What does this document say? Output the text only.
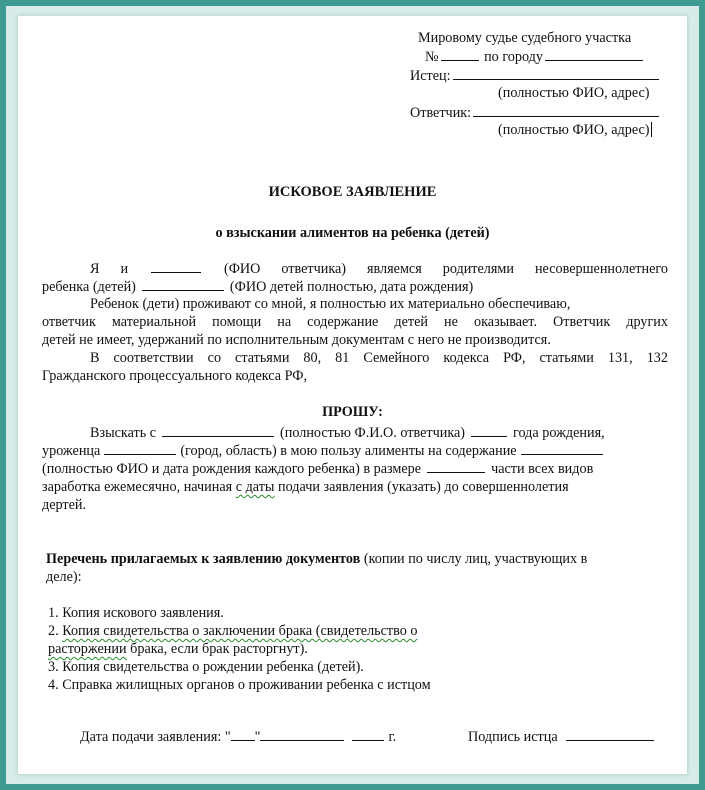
Мировому судье судебного участка
№	по городу
Истец:
(полностью ФИО, адрес)
Ответчик:
(полностью ФИО, адрес)
ИСКОВОЕ ЗАЯВЛЕНИЕ
о взыскании алиментов на ребенка (детей)
Я и	(ФИО ответчика) являемся родителями несовершеннолетнего
ребенка (детей)	(ФИО детей полностью, дата рождения)
Ребенок (дети) проживают со мной, я полностью их материально обеспечиваю,
ответчик материальной помощи на содержание детей не оказывает. Ответчик других
детей не имеет, удержаний по исполнительным документам с него не производится.
В соответствии со статьями 80, 81 Семейного кодекса РФ, статьями 131, 132
Гражданского процессуального кодекса РФ,
ПРОШУ:
Взыскать с	(полностью Ф.И.О. ответчика)	года рождения,
уроженца	(город, область) в мою пользу алименты на содержание
(полностью ФИО и дата рождения каждого ребенка) в размере	части всех видов
заработка ежемесячно, начиная с даты подачи заявления (указать) до совершеннолетия
дертей.
Перечень прилагаемых к заявлению документов (копии по числу лиц, участвующих в
деле):
1. Копия искового заявления.
2. Копия свидетельства о заключении брака (свидетельство о
расторжении брака, если брак расторгнут).
3. Копия свидетельства о рождении ребенка (детей).
4. Справка жилищных органов о проживании ребенка с истцом
Дата подачи заявления: " "	г.	Подпись истца
